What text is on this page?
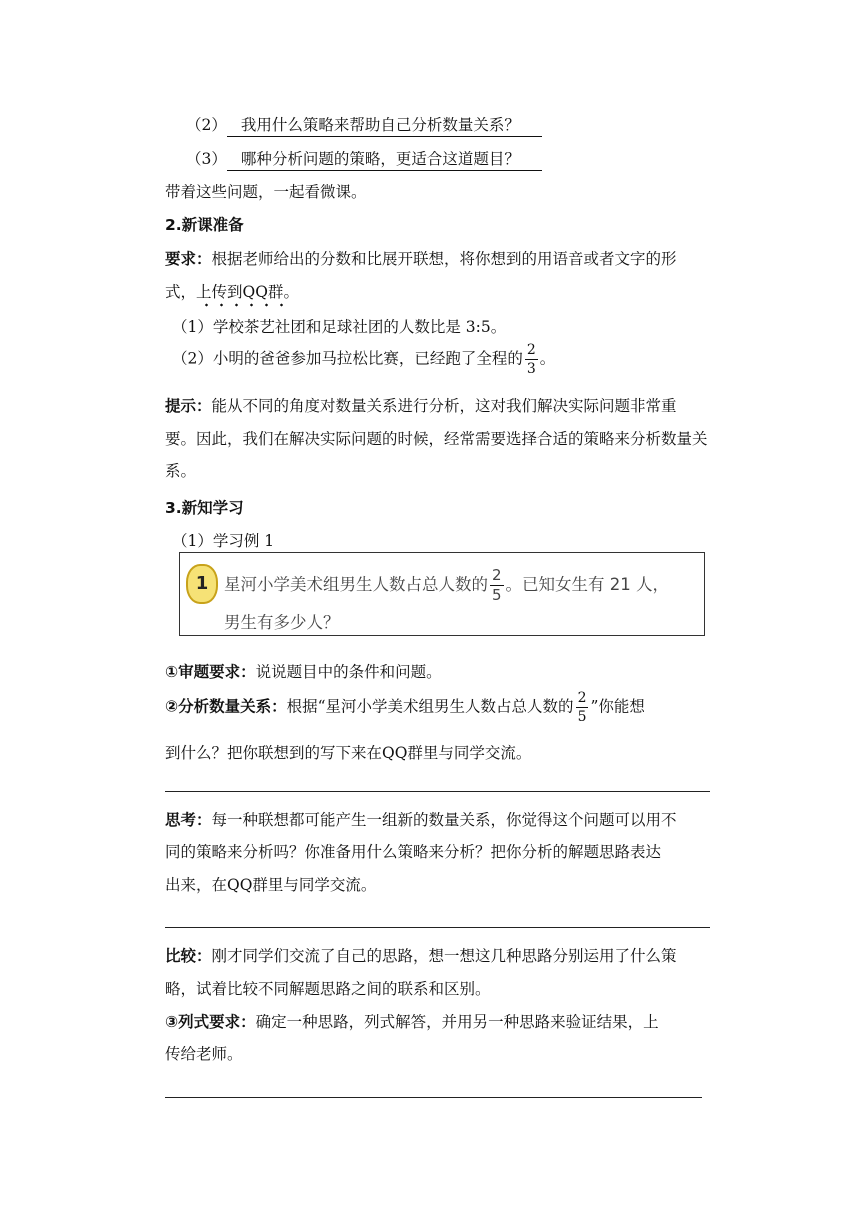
（2） 我用什么策略来帮助自己分析数量关系？
（3） 哪种分析问题的策略，更适合这道题目？
带着这些问题，一起看微课。
2.新课准备
要求：根据老师给出的分数和比展开联想，将你想到的用语音或者文字的形
式，上传到QQ群。
（1）学校茶艺社团和足球社团的人数比是 3:5。
（2）小明的爸爸参加马拉松比赛，已经跑了全程的 $\frac{2}{3}$ 。
提示：能从不同的角度对数量关系进行分析，这对我们解决实际问题非常重
要。因此，我们在解决实际问题的时候，经常需要选择合适的策略来分析数量关
系。
3.新知学习
（1）学习例 1
1 星河小学美术组男生人数占总人数的 $\frac{2}{5}$ 。已知女生有 21 人，
男生有多少人？
①审题要求：说说题目中的条件和问题。
②分析数量关系：根据“星河小学美术组男生人数占总人数的 $\frac{2}{5}$ ”你能想
到什么？把你联想到的写下来在QQ群里与同学交流。
思考：每一种联想都可能产生一组新的数量关系，你觉得这个问题可以用不
同的策略来分析吗？你准备用什么策略来分析？把你分析的解题思路表达
出来，在QQ群里与同学交流。
比较：刚才同学们交流了自己的思路，想一想这几种思路分别运用了什么策
略，试着比较不同解题思路之间的联系和区别。
③列式要求：确定一种思路，列式解答，并用另一种思路来验证结果，上
传给老师。
